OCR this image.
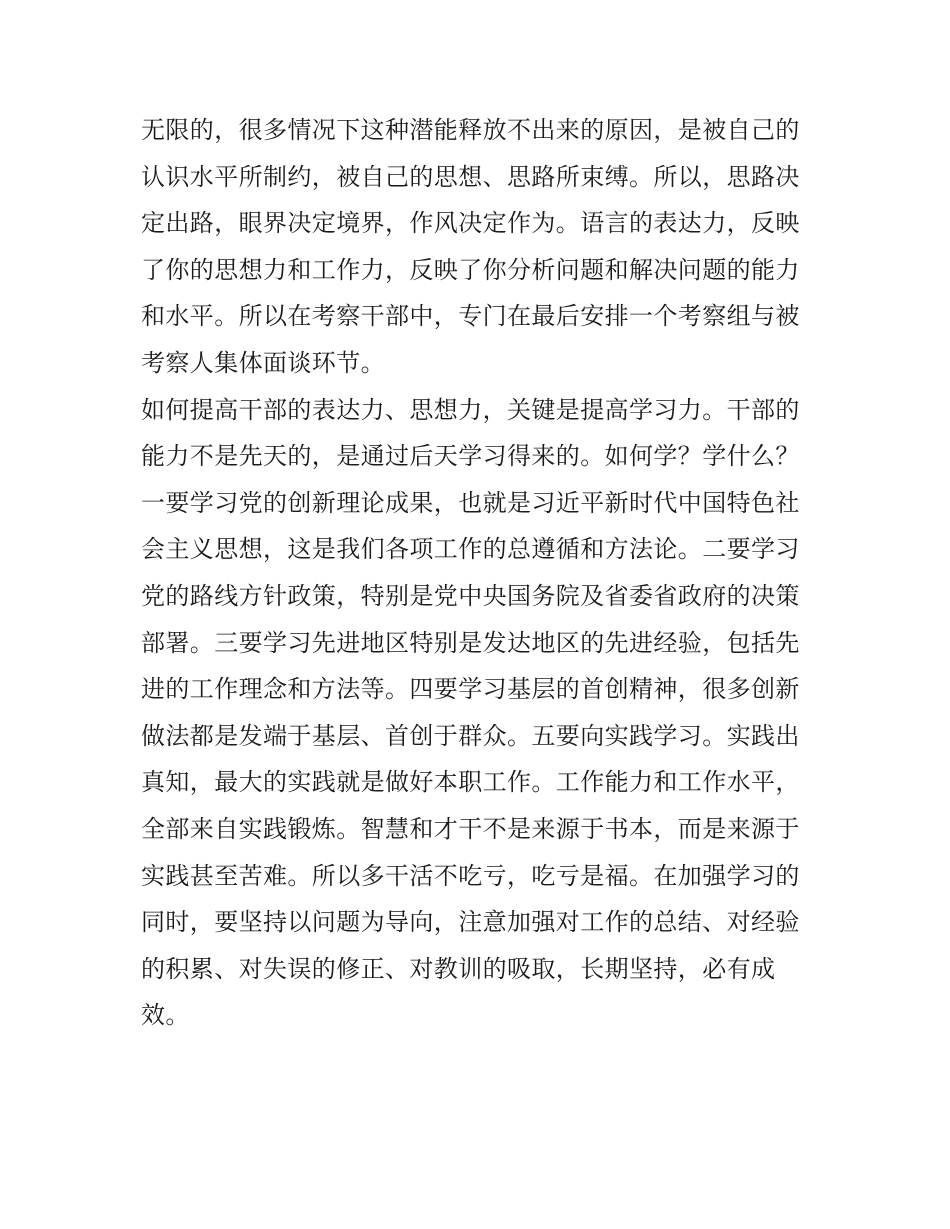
无限的，很多情况下这种潜能释放不出来的原因，是被自己的
认识水平所制约，被自己的思想、思路所束缚。所以，思路决
定出路，眼界决定境界，作风决定作为。语言的表达力，反映
了你的思想力和工作力，反映了你分析问题和解决问题的能力
和水平。所以在考察干部中，专门在最后安排一个考察组与被
考察人集体面谈环节。
如何提高干部的表达力、思想力，关键是提高学习力。干部的
能力不是先天的，是通过后天学习得来的。如何学？学什么？
一要学习党的创新理论成果，也就是习近平新时代中国特色社
会主义思想，这是我们各项工作的总遵循和方法论。二要学习
党的路线方针政策，特别是党中央国务院及省委省政府的决策
部署。三要学习先进地区特别是发达地区的先进经验，包括先
进的工作理念和方法等。四要学习基层的首创精神，很多创新
做法都是发端于基层、首创于群众。五要向实践学习。实践出
真知，最大的实践就是做好本职工作。工作能力和工作水平，
全部来自实践锻炼。智慧和才干不是来源于书本，而是来源于
实践甚至苦难。所以多干活不吃亏，吃亏是福。在加强学习的
同时，要坚持以问题为导向，注意加强对工作的总结、对经验
的积累、对失误的修正、对教训的吸取，长期坚持，必有成
效。
